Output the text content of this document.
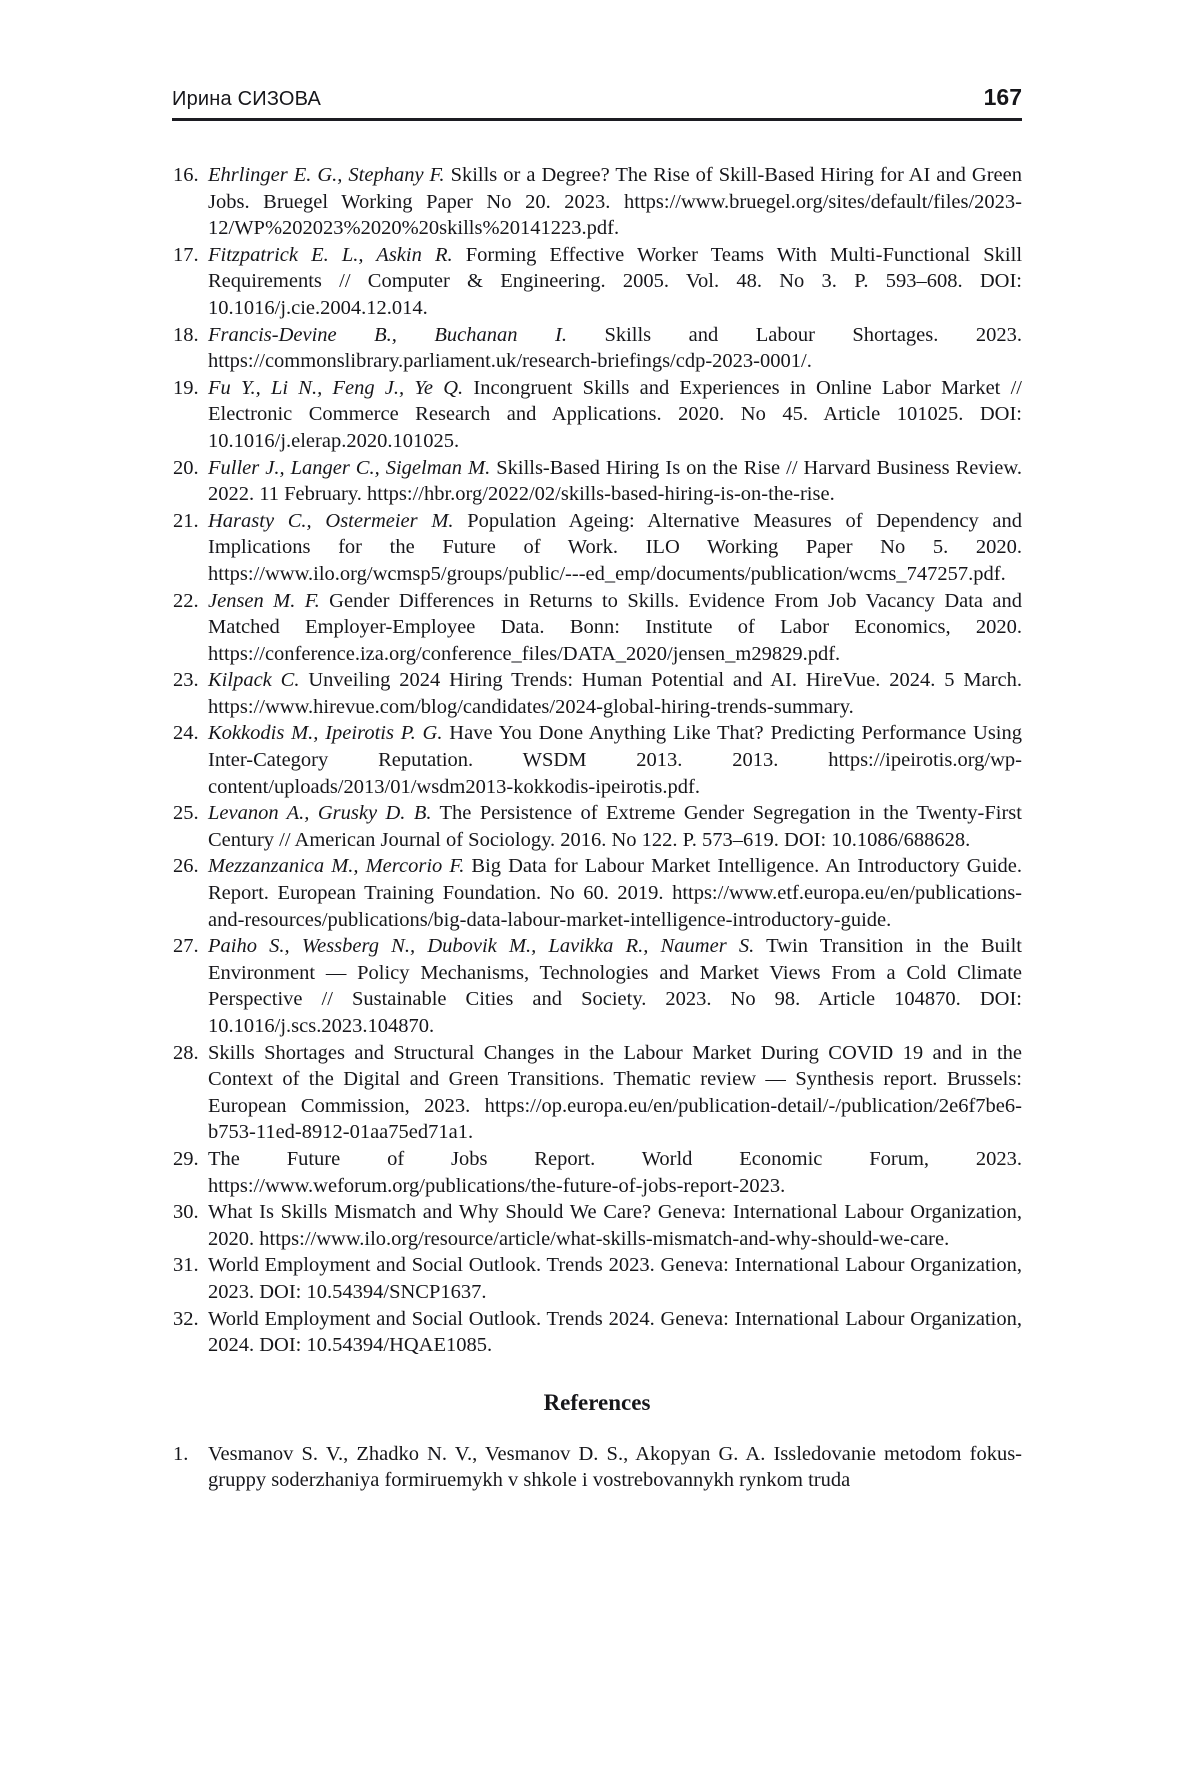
Ирина СИЗОВА	167
16. Ehrlinger E. G., Stephany F. Skills or a Degree? The Rise of Skill-Based Hiring for AI and Green Jobs. Bruegel Working Paper No 20. 2023. https://www.bruegel.org/sites/default/files/2023-12/WP%202023%2020%20skills%20141223.pdf.
17. Fitzpatrick E. L., Askin R. Forming Effective Worker Teams With Multi-Functional Skill Requirements // Computer & Engineering. 2005. Vol. 48. No 3. P. 593–608. DOI: 10.1016/j.cie.2004.12.014.
18. Francis-Devine B., Buchanan I. Skills and Labour Shortages. 2023. https://commonslibrary.parliament.uk/research-briefings/cdp-2023-0001/.
19. Fu Y., Li N., Feng J., Ye Q. Incongruent Skills and Experiences in Online Labor Market // Electronic Commerce Research and Applications. 2020. No 45. Article 101025. DOI: 10.1016/j.elerap.2020.101025.
20. Fuller J., Langer C., Sigelman M. Skills-Based Hiring Is on the Rise // Harvard Business Review. 2022. 11 February. https://hbr.org/2022/02/skills-based-hiring-is-on-the-rise.
21. Harasty C., Ostermeier M. Population Ageing: Alternative Measures of Dependency and Implications for the Future of Work. ILO Working Paper No 5. 2020. https://www.ilo.org/wcmsp5/groups/public/---ed_emp/documents/publication/wcms_747257.pdf.
22. Jensen M. F. Gender Differences in Returns to Skills. Evidence From Job Vacancy Data and Matched Employer-Employee Data. Bonn: Institute of Labor Economics, 2020. https://conference.iza.org/conference_files/DATA_2020/jensen_m29829.pdf.
23. Kilpack C. Unveiling 2024 Hiring Trends: Human Potential and AI. HireVue. 2024. 5 March. https://www.hirevue.com/blog/candidates/2024-global-hiring-trends-summary.
24. Kokkodis M., Ipeirotis P. G. Have You Done Anything Like That? Predicting Performance Using Inter-Category Reputation. WSDM 2013. 2013. https://ipeirotis.org/wp-content/uploads/2013/01/wsdm2013-kokkodis-ipeirotis.pdf.
25. Levanon A., Grusky D. B. The Persistence of Extreme Gender Segregation in the Twenty-First Century // American Journal of Sociology. 2016. No 122. P. 573–619. DOI: 10.1086/688628.
26. Mezzanzanica M., Mercorio F. Big Data for Labour Market Intelligence. An Introductory Guide. Report. European Training Foundation. No 60. 2019. https://www.etf.europa.eu/en/publications-and-resources/publications/big-data-labour-market-intelligence-introductory-guide.
27. Paiho S., Wessberg N., Dubovik M., Lavikka R., Naumer S. Twin Transition in the Built Environment — Policy Mechanisms, Technologies and Market Views From a Cold Climate Perspective // Sustainable Cities and Society. 2023. No 98. Article 104870. DOI: 10.1016/j.scs.2023.104870.
28. Skills Shortages and Structural Changes in the Labour Market During COVID 19 and in the Context of the Digital and Green Transitions. Thematic review — Synthesis report. Brussels: European Commission, 2023. https://op.europa.eu/en/publication-detail/-/publication/2e6f7be6-b753-11ed-8912-01aa75ed71a1.
29. The Future of Jobs Report. World Economic Forum, 2023. https://www.weforum.org/publications/the-future-of-jobs-report-2023.
30. What Is Skills Mismatch and Why Should We Care? Geneva: International Labour Organization, 2020. https://www.ilo.org/resource/article/what-skills-mismatch-and-why-should-we-care.
31. World Employment and Social Outlook. Trends 2023. Geneva: International Labour Organization, 2023. DOI: 10.54394/SNCP1637.
32. World Employment and Social Outlook. Trends 2024. Geneva: International Labour Organization, 2024. DOI: 10.54394/HQAE1085.
References
1. Vesmanov S. V., Zhadko N. V., Vesmanov D. S., Akopyan G. A. Issledovanie metodom fokus-gruppy soderzhaniya formiruemykh v shkole i vostrebovannykh rynkom truda
